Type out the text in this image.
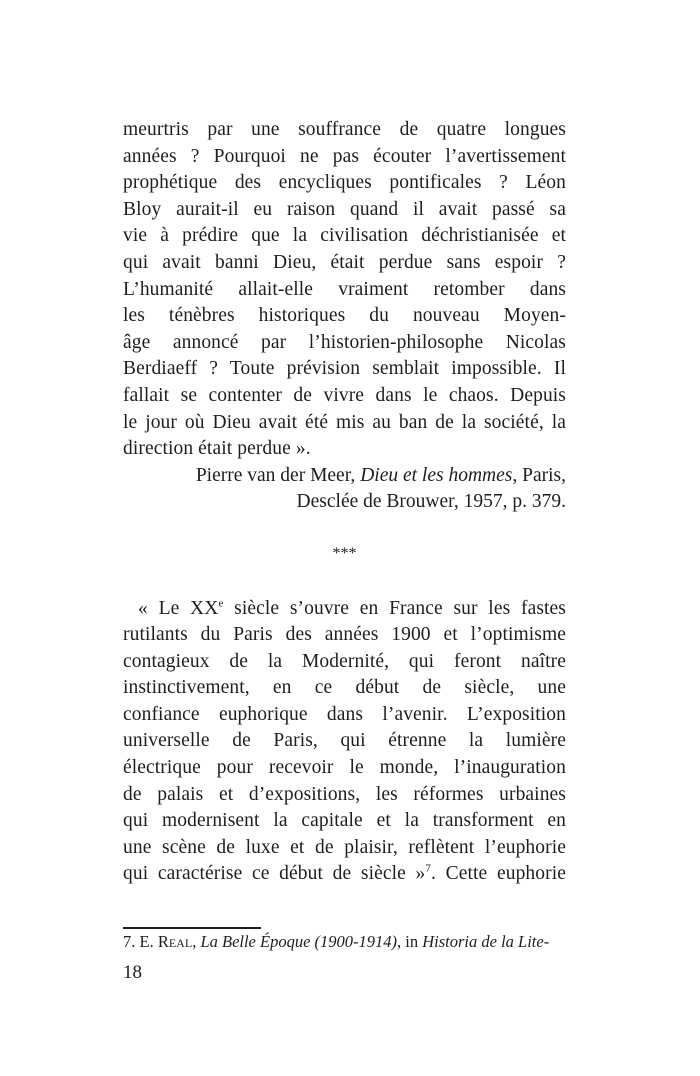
meurtris par une souffrance de quatre longues
années ? Pourquoi ne pas écouter l’avertissement
prophétique des encycliques pontificales ? Léon
Bloy aurait-il eu raison quand il avait passé sa
vie à prédire que la civilisation déchristianisée et
qui avait banni Dieu, était perdue sans espoir ?
L’humanité allait-elle vraiment retomber dans
les ténèbres historiques du nouveau Moyen-
âge annoncé par l’historien-philosophe Nicolas
Berdiaeff ? Toute prévision semblait impossible. Il
fallait se contenter de vivre dans le chaos. Depuis
le jour où Dieu avait été mis au ban de la société, la
direction était perdue ».
Pierre van der Meer, Dieu et les hommes, Paris,
Desclée de Brouwer, 1957, p. 379.
***
« Le XXe siècle s’ouvre en France sur les fastes
rutilants du Paris des années 1900 et l’optimisme
contagieux de la Modernité, qui feront naître
instinctivement, en ce début de siècle, une
confiance euphorique dans l’avenir. L’exposition
universelle de Paris, qui étrenne la lumière
électrique pour recevoir le monde, l’inauguration
de palais et d’expositions, les réformes urbaines
qui modernisent la capitale et la transforment en
une scène de luxe et de plaisir, reflètent l’euphorie
qui caractérise ce début de siècle »$^7$. Cette euphorie
7. E. Real, La Belle Époque (1900-1914), in Historia de la Lite-
18
